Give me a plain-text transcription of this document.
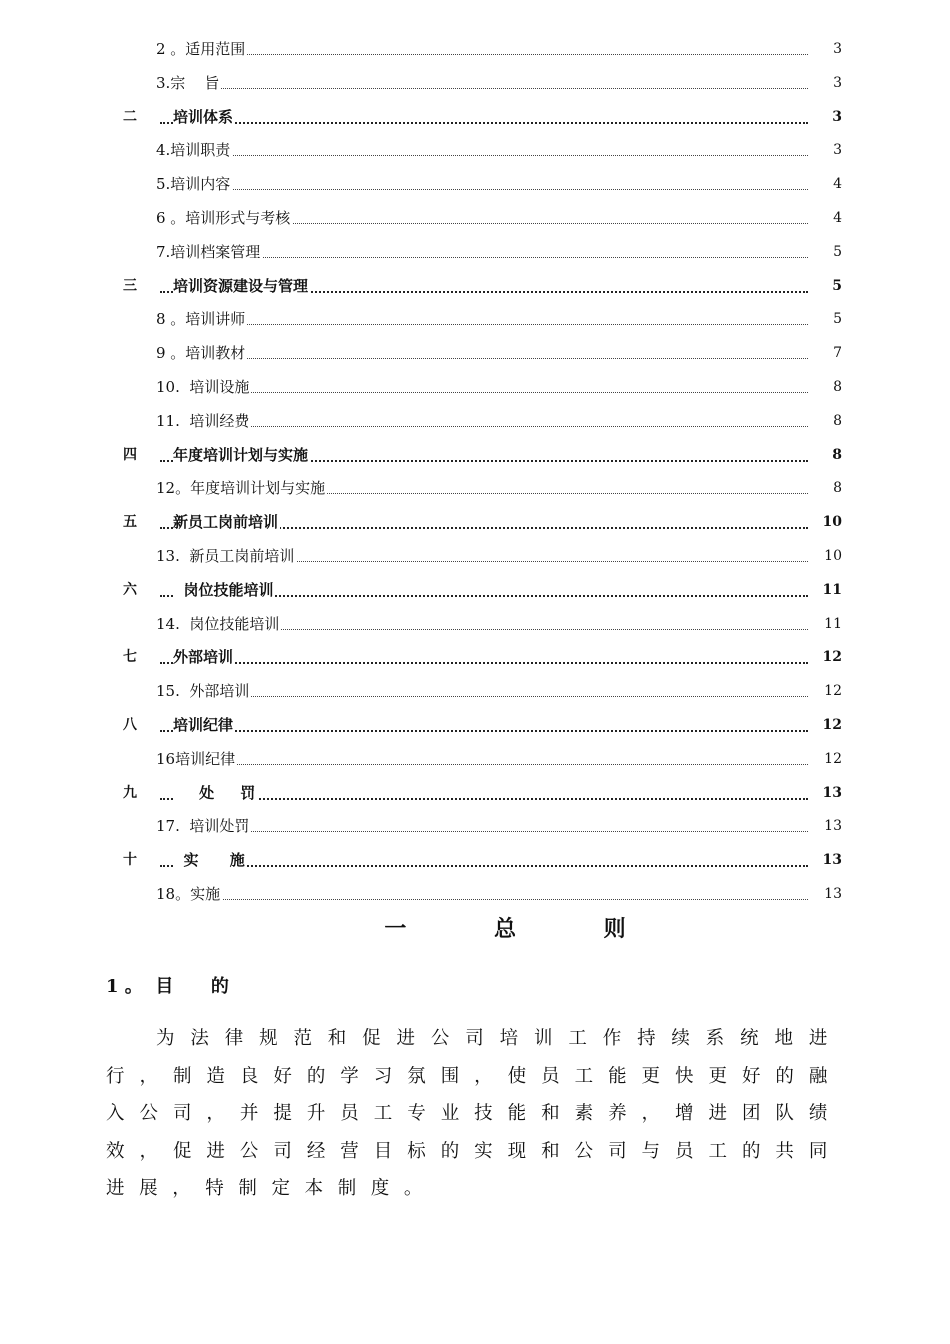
2 。适用范围	3
3.宗    旨	3
二 培训体系	3
4.培训职责	3
5.培训内容	4
6 。培训形式与考核	4
7.培训档案管理	5
三 培训资源建设与管理	5
8 。培训讲师	5
9 。培训教材	7
10.  培训设施	8
11.  培训经费	8
四 年度培训计划与实施	8
12。年度培训计划与实施	8
五 新员工岗前培训	10
13.  新员工岗前培训	10
六 岗位技能培训	11
14.  岗位技能培训	11
七 外部培训	12
15.  外部培训	12
八 培训纪律	12
16培训纪律	12
九 处     罚	13
17.  培训处罚	13
十 实      施	13
18。实施	13
一 总 则
1 。  目      的
为法律规范和促进公司培训工作持续系统地进行，制造良好的学习氛围，使员工能更快更好的融入公司，并提升员工专业技能和素养，增进团队绩效，促进公司经营目标的实现和公司与员工的共同进展，特制定本制度。
